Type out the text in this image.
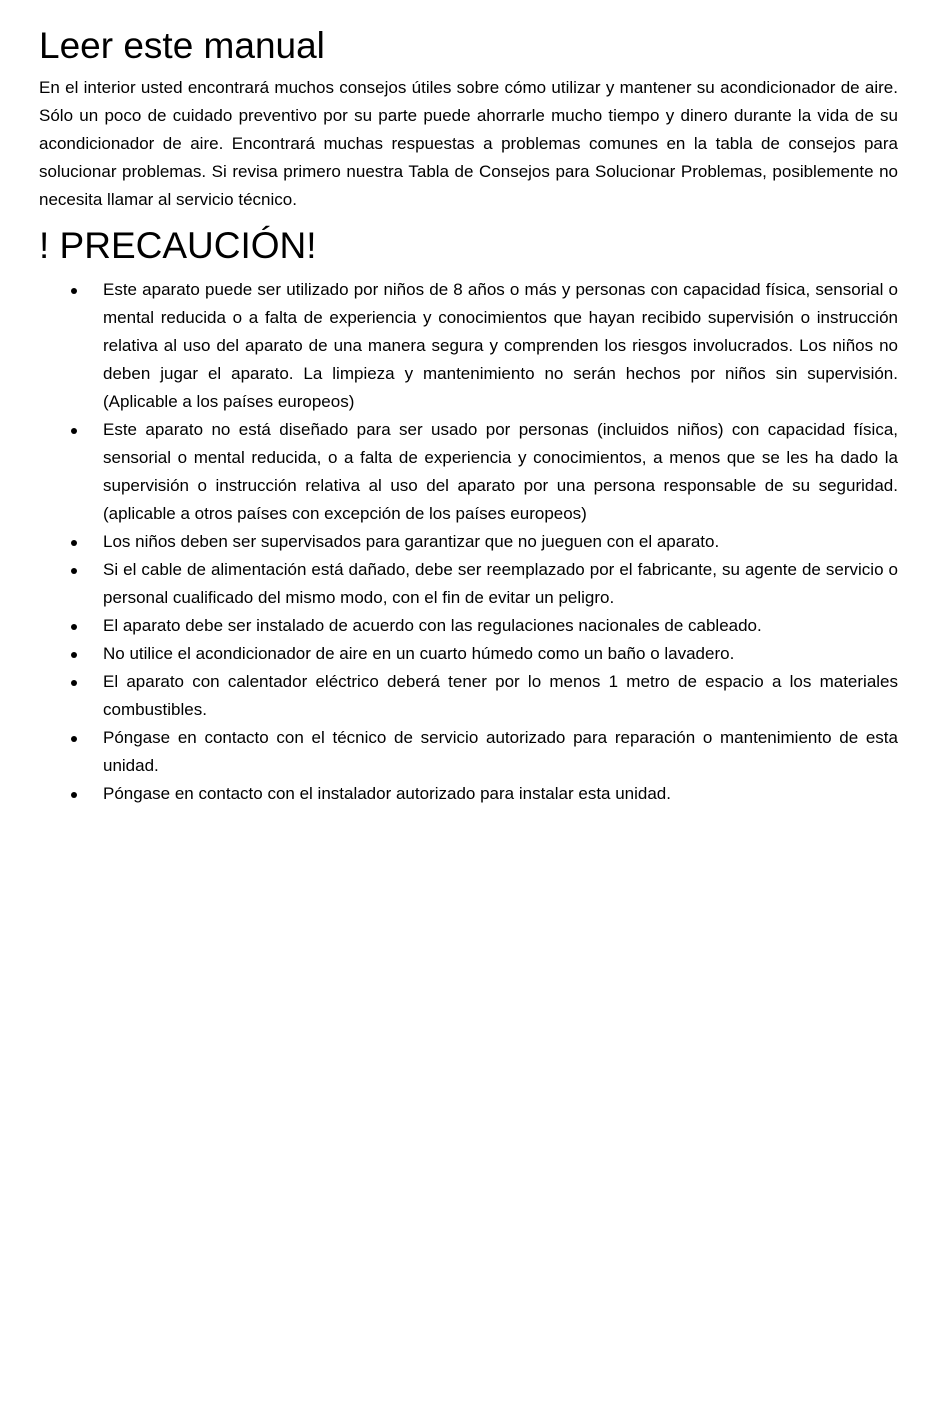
Leer este manual

En el interior usted encontrará muchos consejos útiles sobre cómo utilizar y mantener su acondicionador de aire. Sólo un poco de cuidado preventivo por su parte puede ahorrarle mucho tiempo y dinero durante la vida de su acondicionador de aire. Encontrará muchas respuestas a problemas comunes en la tabla de consejos para solucionar problemas. Si revisa primero nuestra Tabla de Consejos para Solucionar Problemas, posiblemente no necesita llamar al servicio técnico.

! PRECAUCIÓN!
Este aparato puede ser utilizado por niños de 8 años o más y personas con capacidad física, sensorial o mental reducida o a falta de experiencia y conocimientos que hayan recibido supervisión o instrucción relativa al uso del aparato de una manera segura y comprenden los riesgos involucrados. Los niños no deben jugar el aparato. La limpieza y mantenimiento no serán hechos por niños sin supervisión. (Aplicable a los países europeos)
Este aparato no está diseñado para ser usado por personas (incluidos niños) con capacidad física, sensorial o mental reducida, o a falta de experiencia y conocimientos, a menos que se les ha dado la supervisión o instrucción relativa al uso del aparato por una persona responsable de su seguridad. (aplicable a otros países con excepción de los países europeos)
Los niños deben ser supervisados para garantizar que no jueguen con el aparato.
Si el cable de alimentación está dañado, debe ser reemplazado por el fabricante, su agente de servicio o personal cualificado del mismo modo, con el fin de evitar un peligro.
El aparato debe ser instalado de acuerdo con las regulaciones nacionales de cableado.
No utilice el acondicionador de aire en un cuarto húmedo como un baño o lavadero.
El aparato con calentador eléctrico deberá tener por lo menos 1 metro de espacio a los materiales combustibles.
Póngase en contacto con el técnico de servicio autorizado para reparación o mantenimiento de esta unidad.
Póngase en contacto con el instalador autorizado para instalar esta unidad.
